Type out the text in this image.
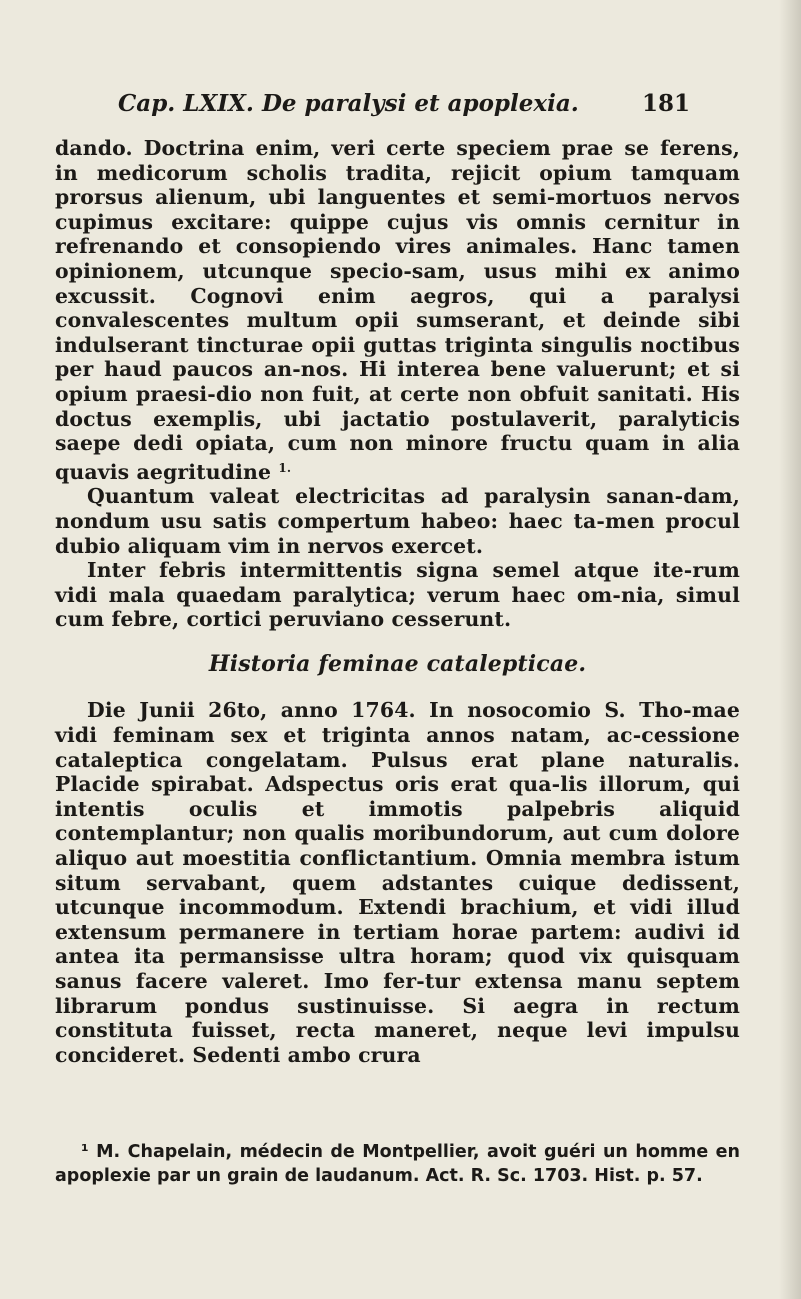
Cap. LXIX. De paralysi et apoplexia.	181

dando. Doctrina enim, veri certe speciem prae se ferens, in medicorum scholis tradita, rejicit opium tamquam prorsus alienum, ubi languentes et semi-mortuos nervos cupimus excitare: quippe cujus vis omnis cernitur in refrenando et consopiendo vires animales. Hanc tamen opinionem, utcunque specio-sam, usus mihi ex animo excussit. Cognovi enim aegros, qui a paralysi convalescentes multum opii sumserant, et deinde sibi indulserant tincturae opii guttas triginta singulis noctibus per haud paucos an-nos. Hi interea bene valuerunt; et si opium praesi-dio non fuit, at certe non obfuit sanitati. His doctus exemplis, ubi jactatio postulaverit, paralyticis saepe dedi opiata, cum non minore fructu quam in alia quavis aegritudine $^{1.}$

Quantum valeat electricitas ad paralysin sanan-dam, nondum usu satis compertum habeo: haec ta-men procul dubio aliquam vim in nervos exercet.

Inter febris intermittentis signa semel atque ite-rum vidi mala quaedam paralytica; verum haec om-nia, simul cum febre, cortici peruviano cesserunt.

Historia feminae catalepticae.

Die Junii 26to, anno 1764. In nosocomio S. Tho-mae vidi feminam sex et triginta annos natam, ac-cessione cataleptica congelatam. Pulsus erat plane naturalis. Placide spirabat. Adspectus oris erat qua-lis illorum, qui intentis oculis et immotis palpebris aliquid contemplantur; non qualis moribundorum, aut cum dolore aliquo aut moestitia conflictantium. Omnia membra istum situm servabant, quem adstantes cuique dedissent, utcunque incommodum. Extendi brachium, et vidi illud extensum permanere in tertiam horae partem: audivi id antea ita permansisse ultra horam; quod vix quisquam sanus facere valeret. Imo fer-tur extensa manu septem librarum pondus sustinuisse. Si aegra in rectum constituta fuisset, recta maneret, neque levi impulsu concideret. Sedenti ambo crura

¹ M. Chapelain, médecin de Montpellier, avoit guéri un homme en apoplexie par un grain de laudanum. Act. R. Sc. 1703. Hist. p. 57.
